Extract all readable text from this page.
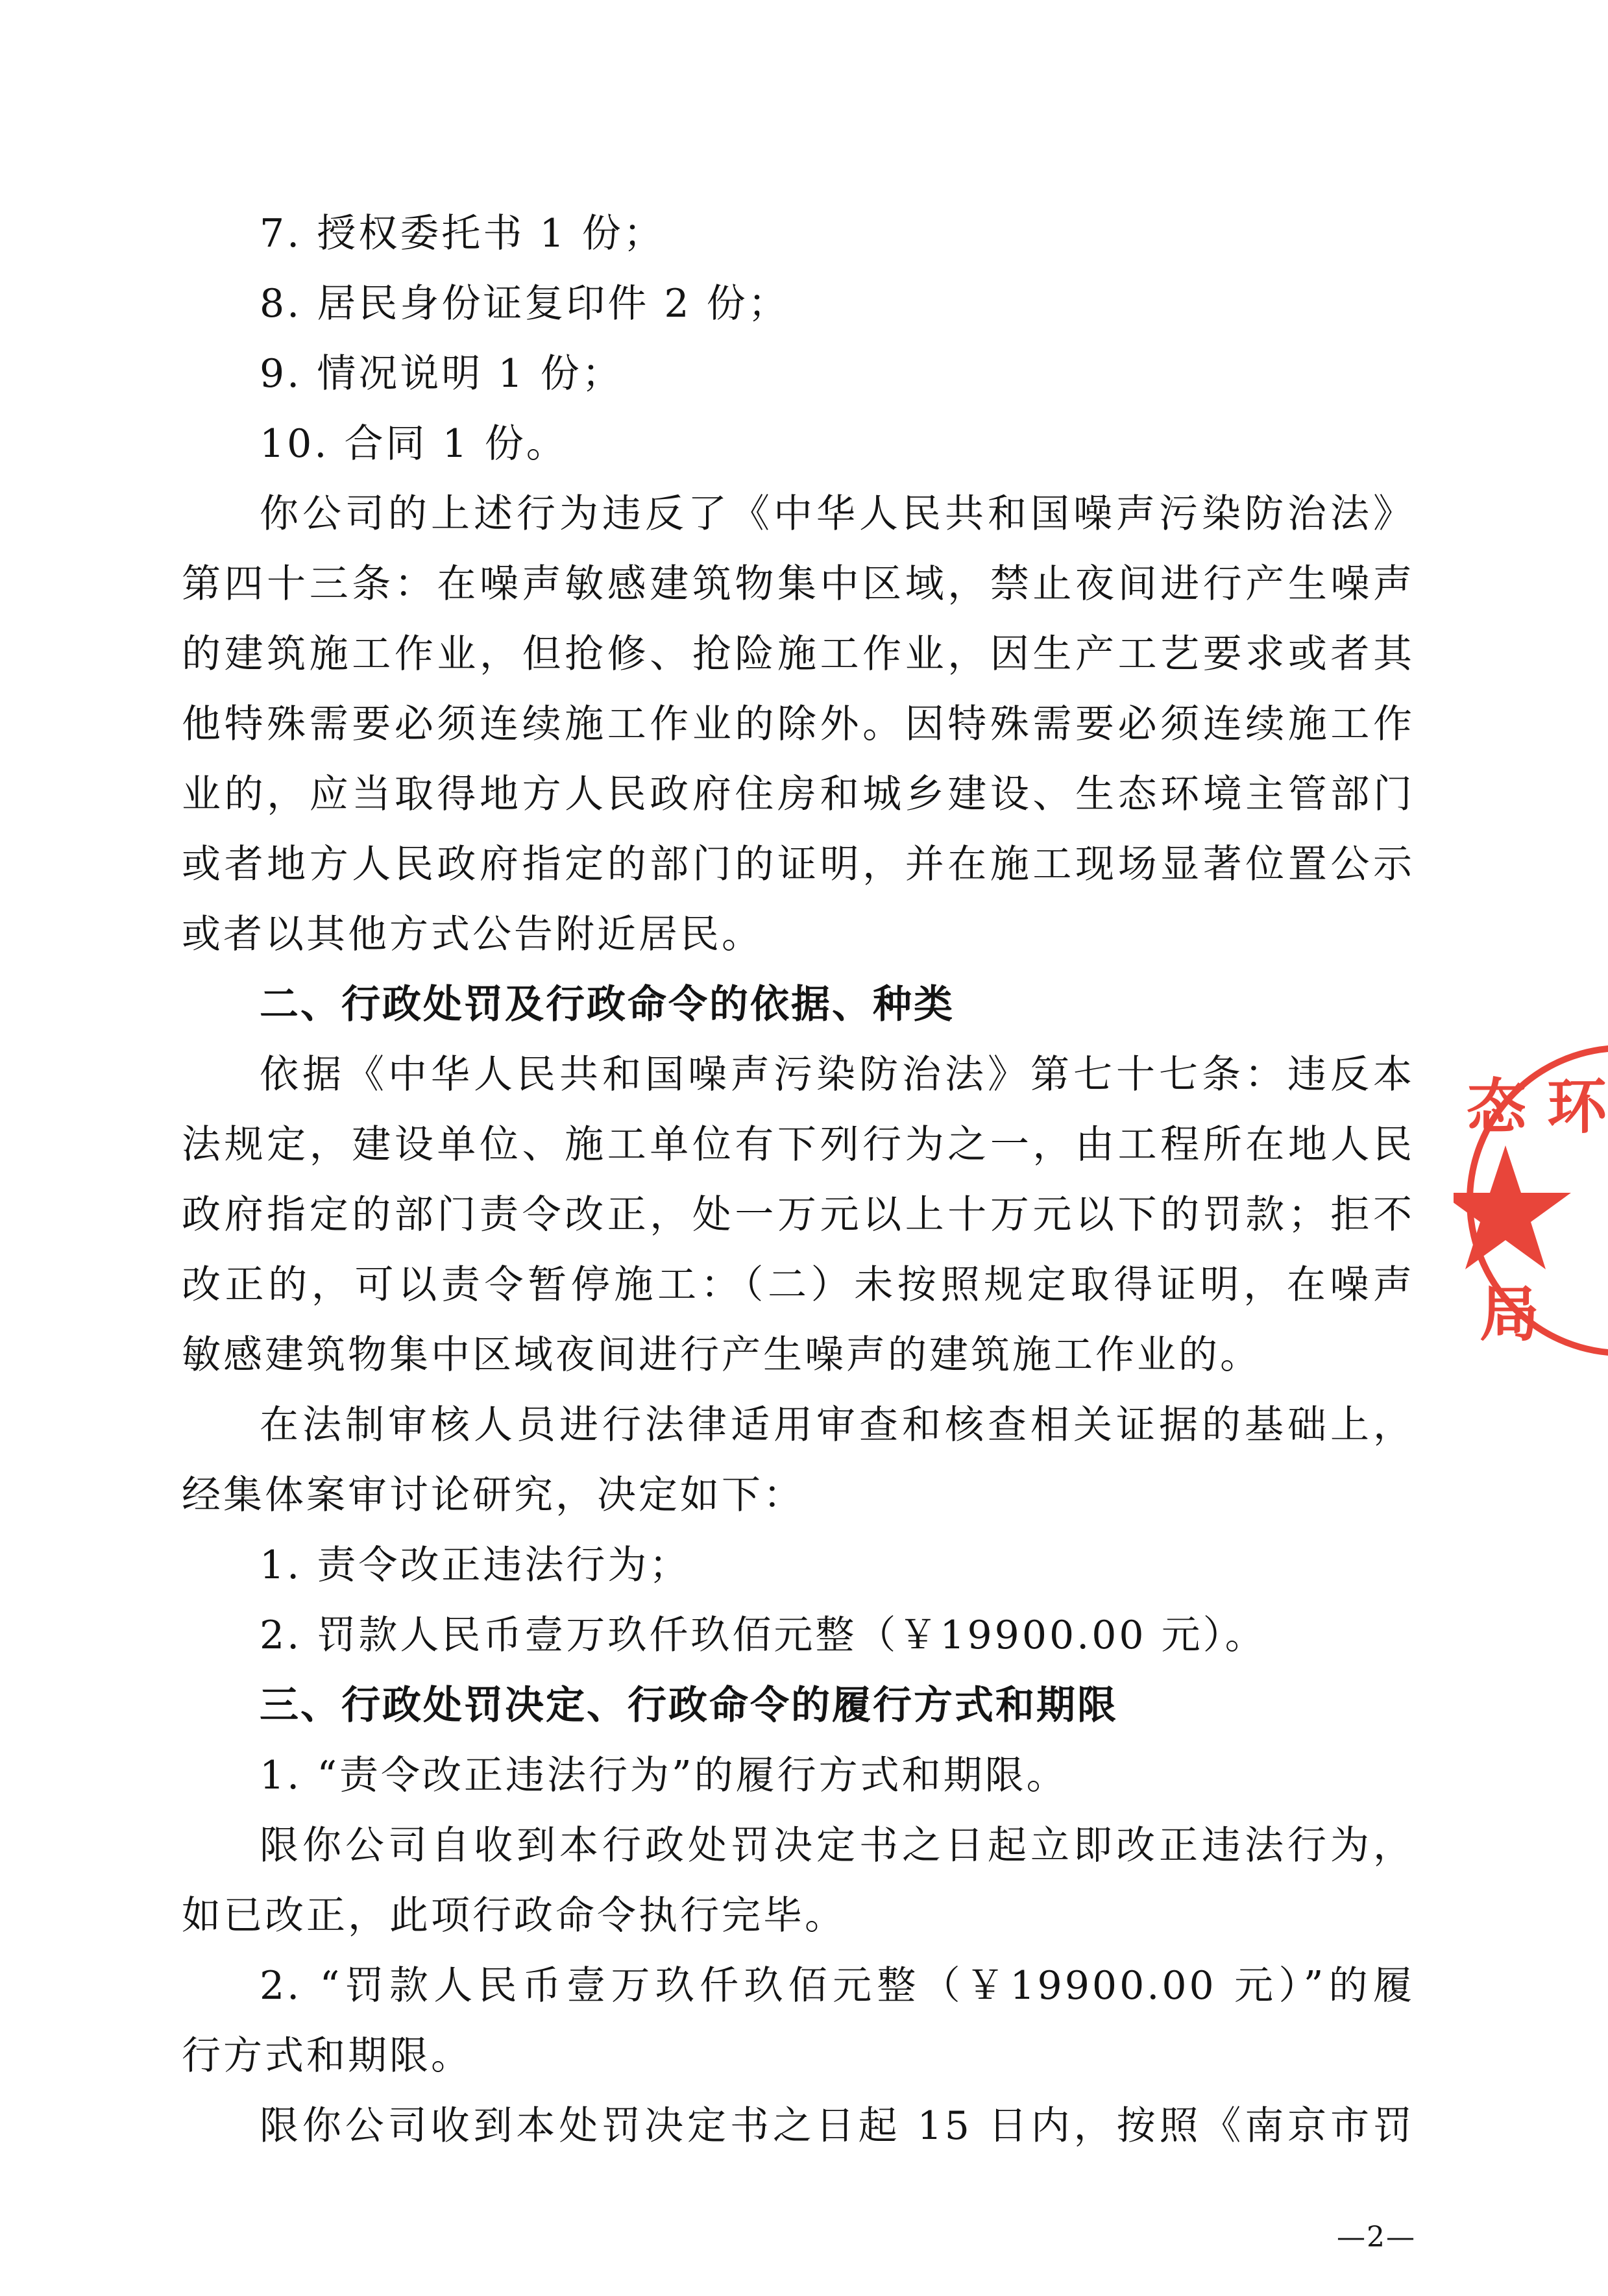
7. 授权委托书 1 份；
8. 居民身份证复印件 2 份；
9. 情况说明 1 份；
10. 合同 1 份。
你公司的上述行为违反了《中华人民共和国噪声污染防治法》
第四十三条：在噪声敏感建筑物集中区域，禁止夜间进行产生噪声
的建筑施工作业，但抢修、抢险施工作业，因生产工艺要求或者其
他特殊需要必须连续施工作业的除外。因特殊需要必须连续施工作
业的，应当取得地方人民政府住房和城乡建设、生态环境主管部门
或者地方人民政府指定的部门的证明，并在施工现场显著位置公示
或者以其他方式公告附近居民。
二、行政处罚及行政命令的依据、种类
依据《中华人民共和国噪声污染防治法》第七十七条：违反本
法规定，建设单位、施工单位有下列行为之一，由工程所在地人民
政府指定的部门责令改正，处一万元以上十万元以下的罚款；拒不
改正的，可以责令暂停施工：（二）未按照规定取得证明，在噪声
敏感建筑物集中区域夜间进行产生噪声的建筑施工作业的。
在法制审核人员进行法律适用审查和核查相关证据的基础上，
经集体案审讨论研究，决定如下：
1. 责令改正违法行为；
2. 罚款人民币壹万玖仟玖佰元整（￥19900.00 元）。
三、行政处罚决定、行政命令的履行方式和期限
1. “责令改正违法行为”的履行方式和期限。
限你公司自收到本行政处罚决定书之日起立即改正违法行为，
如已改正，此项行政命令执行完毕。
2. “罚款人民币壹万玖仟玖佰元整（￥19900.00 元）”的履
行方式和期限。
限你公司收到本处罚决定书之日起 15 日内，按照《南京市罚
态 环
局
—2—
